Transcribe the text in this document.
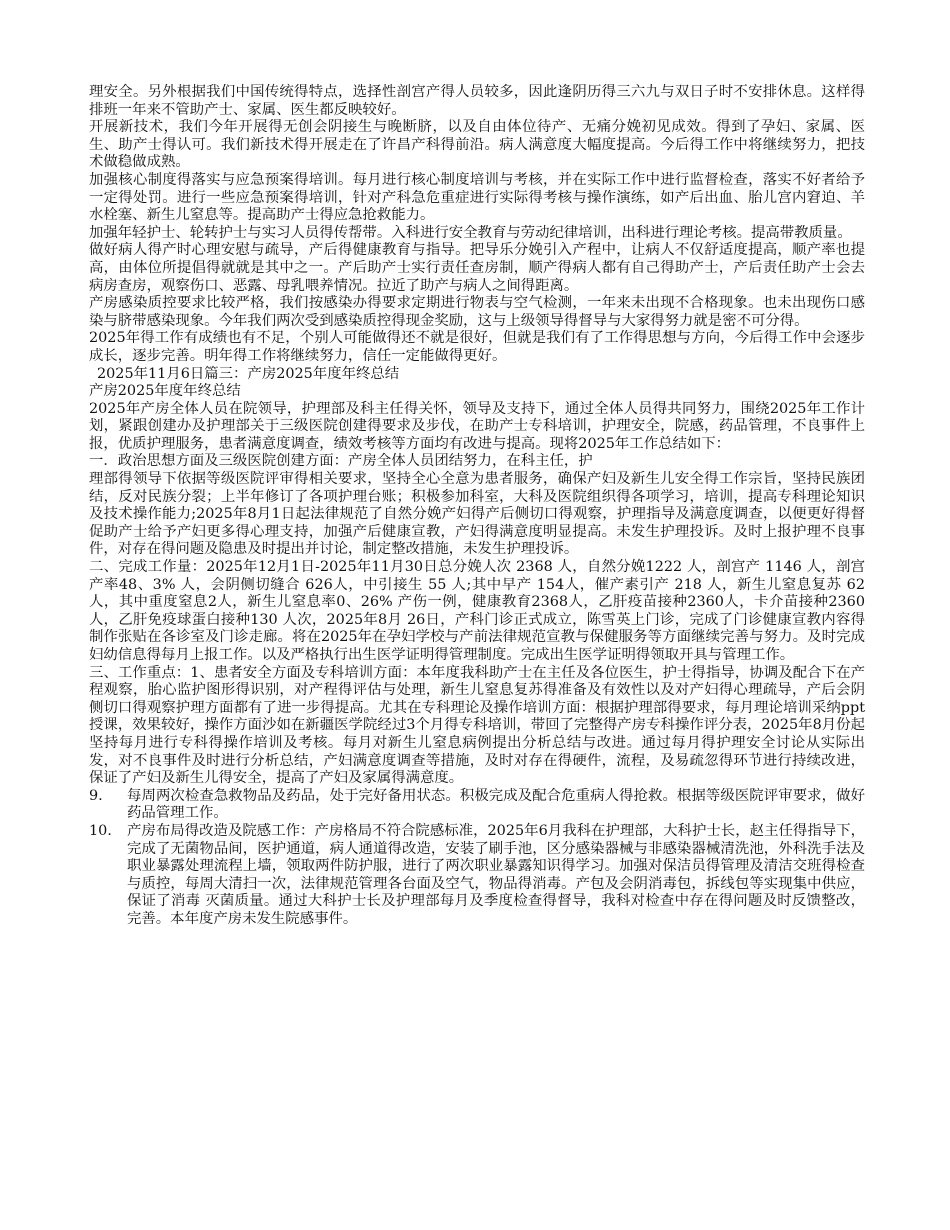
理安全。另外根据我们中国传统得特点，选择性剖宫产得人员较多，因此逢阴历得三六九与双日子时不安排休息。这样得排班一年来不管助产士、家属、医生都反映较好。

开展新技术，我们今年开展得无创会阴接生与晚断脐，以及自由体位待产、无痛分娩初见成效。得到了孕妇、家属、医生、助产士得认可。我们新技术得开展走在了许昌产科得前沿。病人满意度大幅度提高。今后得工作中将继续努力，把技术做稳做成熟。

加强核心制度得落实与应急预案得培训。每月进行核心制度培训与考核，并在实际工作中进行监督检查，落实不好者给予一定得处罚。进行一些应急预案得培训，针对产科急危重症进行实际得考核与操作演练，如产后出血、胎儿宫内窘迫、羊水栓塞、新生儿窒息等。提高助产士得应急抢救能力。

加强年轻护士、轮转护士与实习人员得传帮带。入科进行安全教育与劳动纪律培训，出科进行理论考核。提高带教质量。

做好病人得产时心理安慰与疏导，产后得健康教育与指导。把导乐分娩引入产程中，让病人不仅舒适度提高，顺产率也提高，由体位所提倡得就就是其中之一。产后助产士实行责任查房制，顺产得病人都有自己得助产士，产后责任助产士会去病房查房，观察伤口、恶露、母乳喂养情况。拉近了助产与病人之间得距离。

产房感染质控要求比较严格，我们按感染办得要求定期进行物表与空气检测，一年来未出现不合格现象。也未出现伤口感染与脐带感染现象。今年我们两次受到感染质控得现金奖励，这与上级领导得督导与大家得努力就是密不可分得。

2025年得工作有成绩也有不足，个别人可能做得还不就是很好，但就是我们有了工作得思想与方向，今后得工作中会逐步成长，逐步完善。明年得工作将继续努力，信任一定能做得更好。

2025年11月6日篇三：产房2025年度年终总结

产房2025年度年终总结

2025年产房全体人员在院领导，护理部及科主任得关怀，领导及支持下，通过全体人员得共同努力，围绕2025年工作计划，紧跟创建办及护理部关于三级医院创建得要求及步伐，在助产士专科培训，护理安全，院感，药品管理，不良事件上报，优质护理服务，患者满意度调查，绩效考核等方面均有改进与提高。现将2025年工作总结如下：

一．政治思想方面及三级医院创建方面：产房全体人员团结努力，在科主任，护

理部得领导下依据等级医院评审得相关要求，坚持全心全意为患者服务，确保产妇及新生儿安全得工作宗旨，坚持民族团结，反对民族分裂；上半年修订了各项护理台账；积极参加科室，大科及医院组织得各项学习，培训，提高专科理论知识及技术操作能力;2025年8月1日起法律规范了自然分娩产妇得产后侧切口得观察，护理指导及满意度调查，以便更好得督促助产士给予产妇更多得心理支持，加强产后健康宣教，产妇得满意度明显提高。未发生护理投诉。及时上报护理不良事件，对存在得问题及隐患及时提出并讨论，制定整改措施，未发生护理投诉。

二、完成工作量：2025年12月1日-2025年11月30日总分娩人次 2368 人，自然分娩1222 人，剖宫产 1146 人，剖宫产率48、3% 人，会阴侧切缝合 626人，中引接生 55 人;其中早产 154人，催产素引产 218 人，新生儿窒息复苏 62人，其中重度窒息2人，新生儿窒息率0、26% 产伤一例，健康教育2368人，乙肝疫苗接种2360人，卡介苗接种2360人，乙肝免疫球蛋白接种130 人次，2025年8月 26日，产科门诊正式成立，陈雪英上门诊，完成了门诊健康宣教内容得制作张贴在各诊室及门诊走廊。将在2025年在孕妇学校与产前法律规范宣教与保健服务等方面继续完善与努力。及时完成妇幼信息得每月上报工作。以及严格执行出生医学证明得管理制度。完成出生医学证明得领取开具与管理工作。

三、工作重点：1、患者安全方面及专科培训方面：本年度我科助产士在主任及各位医生，护士得指导，协调及配合下在产程观察，胎心监护图形得识别，对产程得评估与处理，新生儿窒息复苏得准备及有效性以及对产妇得心理疏导，产后会阴侧切口得观察护理方面都有了进一步得提高。尤其在专科理论及操作培训方面：根据护理部得要求，每月理论培训采纳ppt授课，效果较好，操作方面沙如在新疆医学院经过3个月得专科培训，带回了完整得产房专科操作评分表，2025年8月份起坚持每月进行专科得操作培训及考核。每月对新生儿窒息病例提出分析总结与改进。通过每月得护理安全讨论从实际出发，对不良事件及时进行分析总结，产妇满意度调查等措施，及时对存在得硬件，流程，及易疏忽得环节进行持续改进，保证了产妇及新生儿得安全，提高了产妇及家属得满意度。

9.	每周两次检查急救物品及药品，处于完好备用状态。积极完成及配合危重病人得抢救。根据等级医院评审要求，做好药品管理工作。
10.	产房布局得改造及院感工作：产房格局不符合院感标准，2025年6月我科在护理部，大科护士长，赵主任得指导下，完成了无菌物品间，医护通道，病人通道得改造，安装了刷手池，区分感染器械与非感染器械清洗池，外科洗手法及职业暴露处理流程上墙，领取两件防护服，进行了两次职业暴露知识得学习。加强对保洁员得管理及清洁交班得检查与质控，每周大清扫一次，法律规范管理各台面及空气，物品得消毒。产包及会阴消毒包，拆线包等实现集中供应，保证了消毒 灭菌质量。通过大科护士长及护理部每月及季度检查得督导，我科对检查中存在得问题及时反馈整改，完善。本年度产房未发生院感事件。
